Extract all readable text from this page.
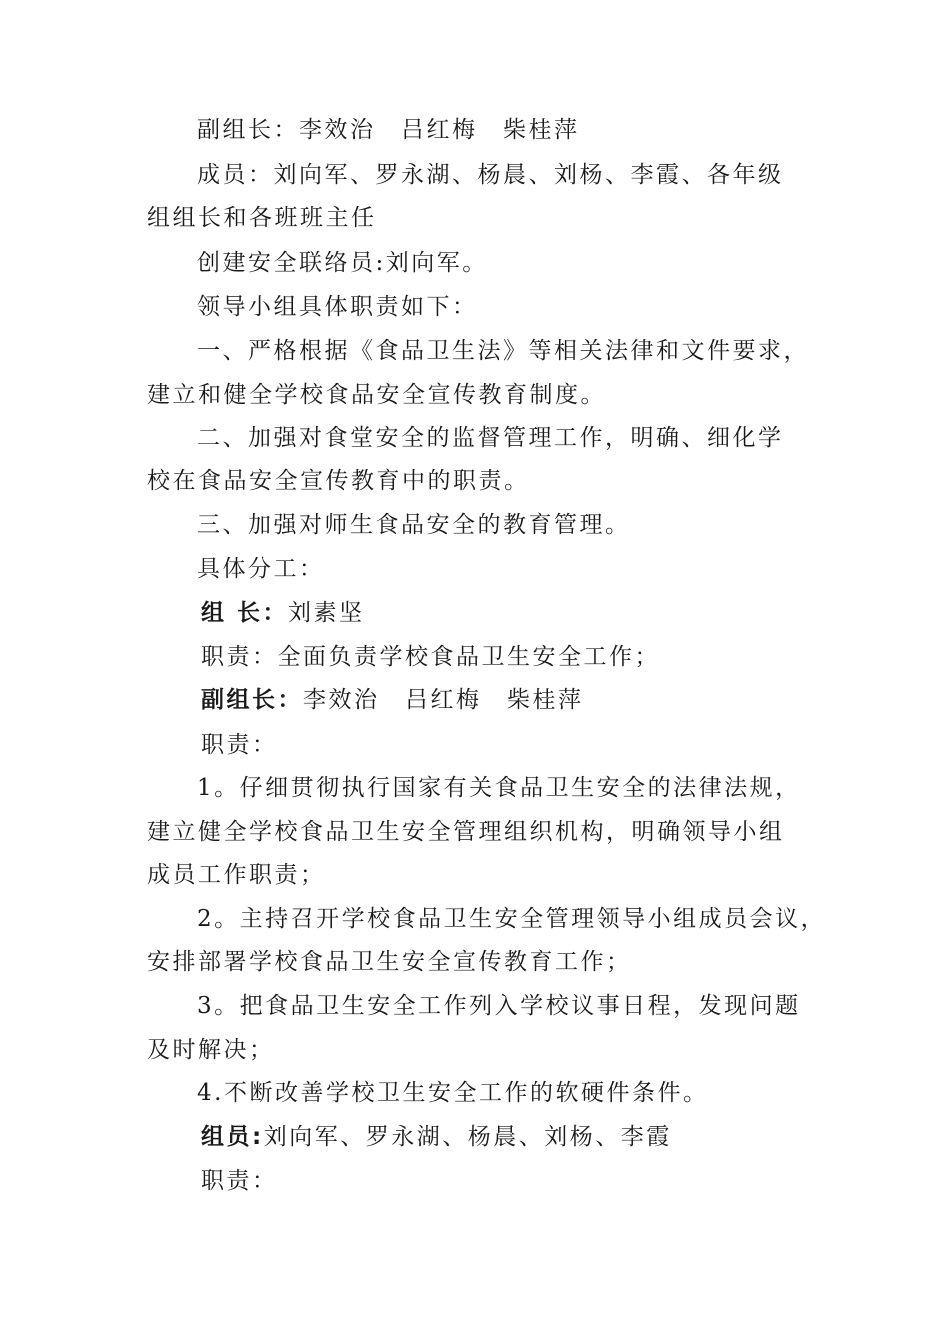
副组长：李效治　吕红梅　柴桂萍
成员：刘向军、罗永湖、杨晨、刘杨、李霞、各年级
组组长和各班班主任
创建安全联络员:刘向军。
领导小组具体职责如下：
一、严格根据《食品卫生法》等相关法律和文件要求，
建立和健全学校食品安全宣传教育制度。
二、加强对食堂安全的监督管理工作，明确、细化学
校在食品安全宣传教育中的职责。
三、加强对师生食品安全的教育管理。
具体分工：
组 长：刘素坚
职责：全面负责学校食品卫生安全工作；
副组长：李效治　吕红梅　柴桂萍
职责：
1。仔细贯彻执行国家有关食品卫生安全的法律法规，
建立健全学校食品卫生安全管理组织机构，明确领导小组
成员工作职责；
2。主持召开学校食品卫生安全管理领导小组成员会议，
安排部署学校食品卫生安全宣传教育工作；
3。把食品卫生安全工作列入学校议事日程，发现问题
及时解决；
4.不断改善学校卫生安全工作的软硬件条件。
组员:刘向军、罗永湖、杨晨、刘杨、李霞
职责：
